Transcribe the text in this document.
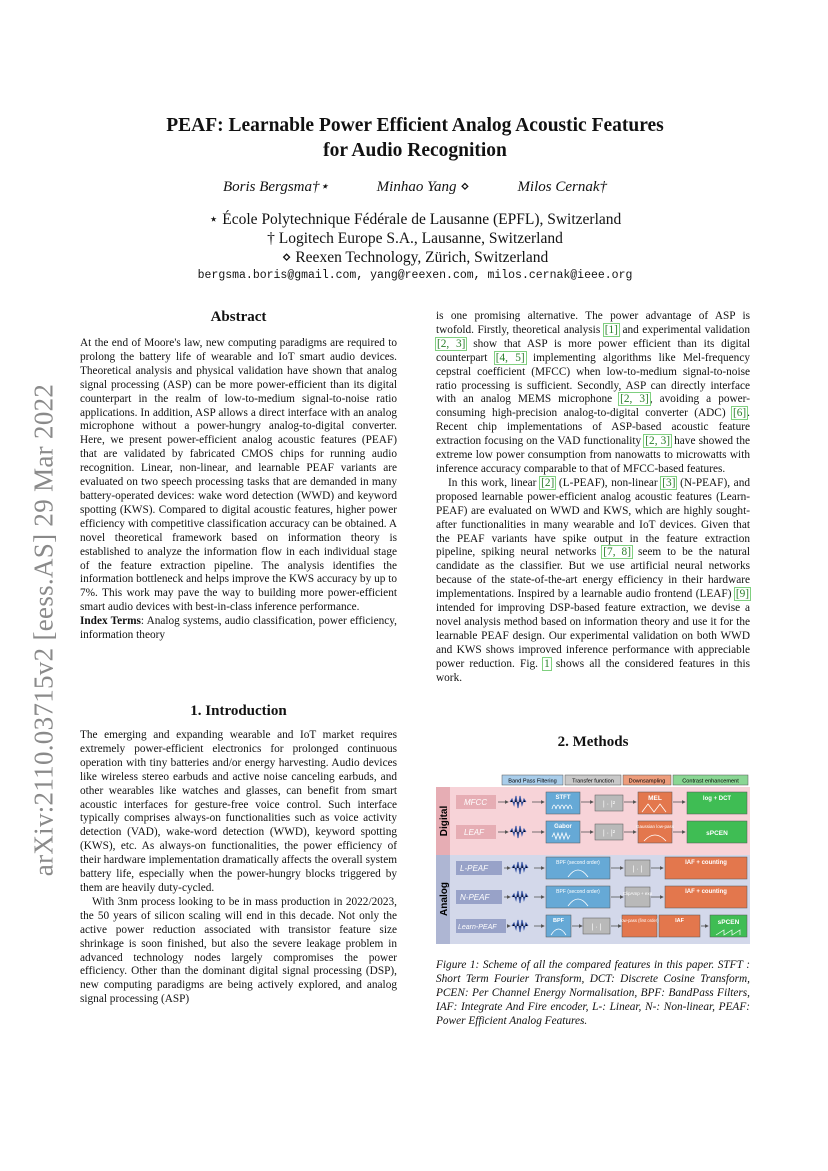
arXiv:2110.03715v2 [eess.AS] 29 Mar 2022
PEAF: Learnable Power Efficient Analog Acoustic Features
for Audio Recognition
Boris Bergsma†⋆	Minhao Yang ⋄	Milos Cernak†
⋆ École Polytechnique Fédérale de Lausanne (EPFL), Switzerland
† Logitech Europe S.A., Lausanne, Switzerland
⋄ Reexen Technology, Zürich, Switzerland
bergsma.boris@gmail.com, yang@reexen.com, milos.cernak@ieee.org
Abstract

At the end of Moore's law, new computing paradigms are required to prolong the battery life of wearable and IoT smart audio devices. Theoretical analysis and physical validation have shown that analog signal processing (ASP) can be more power-efficient than its digital counterpart in the realm of low-to-medium signal-to-noise ratio applications. In addition, ASP allows a direct interface with an analog microphone without a power-hungry analog-to-digital converter. Here, we present power-efficient analog acoustic features (PEAF) that are validated by fabricated CMOS chips for running audio recognition. Linear, non-linear, and learnable PEAF variants are evaluated on two speech processing tasks that are demanded in many battery-operated devices: wake word detection (WWD) and keyword spotting (KWS). Compared to digital acoustic features, higher power efficiency with competitive classification accuracy can be obtained. A novel theoretical framework based on information theory is established to analyze the information flow in each individual stage of the feature extraction pipeline. The analysis identifies the information bottleneck and helps improve the KWS accuracy by up to 7%. This work may pave the way to building more power-efficient smart audio devices with best-in-class inference performance.

Index Terms: Analog systems, audio classification, power efficiency, information theory

1. Introduction

The emerging and expanding wearable and IoT market requires extremely power-efficient electronics for prolonged continuous operation with tiny batteries and/or energy harvesting. Audio devices like wireless stereo earbuds and active noise canceling earbuds, and other wearables like watches and glasses, can benefit from smart acoustic interfaces for gesture-free voice control. Such interface typically comprises always-on functionalities such as voice activity detection (VAD), wake-word detection (WWD), keyword spotting (KWS), etc. As always-on functionalities, the power efficiency of their hardware implementation dramatically affects the overall system battery life, especially when the power-hungry blocks triggered by them are heavily duty-cycled.

With 3nm process looking to be in mass production in 2022/2023, the 50 years of silicon scaling will end in this decade. Not only the active power reduction associated with transistor feature size shrinkage is soon finished, but also the severe leakage problem in advanced technology nodes largely compromises the power efficiency. Other than the dominant digital signal processing (DSP), new computing paradigms are being actively explored, and analog signal processing (ASP)

is one promising alternative. The power advantage of ASP is twofold. Firstly, theoretical analysis [1] and experimental validation [2, 3] show that ASP is more power efficient than its digital counterpart [4, 5] implementing algorithms like Mel-frequency cepstral coefficient (MFCC) when low-to-medium signal-to-noise ratio processing is sufficient. Secondly, ASP can directly interface with an analog MEMS microphone [2, 3], avoiding a power-consuming high-precision analog-to-digital converter (ADC) [6]. Recent chip implementations of ASP-based acoustic feature extraction focusing on the VAD functionality [2, 3] have showed the extreme low power consumption from nanowatts to microwatts with inference accuracy comparable to that of MFCC-based features.

In this work, linear [2] (L-PEAF), non-linear [3] (N-PEAF), and proposed learnable power-efficient analog acoustic features (Learn-PEAF) are evaluated on WWD and KWS, which are highly sought-after functionalities in many wearable and IoT devices. Given that the PEAF variants have spike output in the feature extraction pipeline, spiking neural networks [7, 8] seem to be the natural candidate as the classifier. But we use artificial neural networks because of the state-of-the-art energy efficiency in their hardware implementations. Inspired by a learnable audio frontend (LEAF) [9] intended for improving DSP-based feature extraction, we devise a novel analysis method based on information theory and use it for the learnable PEAF design. Our experimental validation on both WWD and KWS shows improved inference performance with appreciable power reduction. Fig. 1 shows all the considered features in this work.

2. Methods
Band Pass Filtering	Transfer function	Downsampling	Contrast enhancement
Digital
Analog
MFCC
LEAF
L-PEAF
N-PEAF
Learn-PEAF
STFT
| · |²
MEL	log + DCT
Gabor
| · |²
Gaussian low-pass
sPCEN
BPF (second order)
| · |
IAF + counting
BPF (second order)	ClipAmp + exp	IAF + counting
BPF
| · |
low-pass (first order)	IAF	sPCEN
Figure 1: Scheme of all the compared features in this paper. STFT : Short Term Fourier Transform, DCT: Discrete Cosine Transform, PCEN: Per Channel Energy Normalisation, BPF: BandPass Filters, IAF: Integrate And Fire encoder, L-: Linear, N-: Non-linear, PEAF: Power Efficient Analog Features.
